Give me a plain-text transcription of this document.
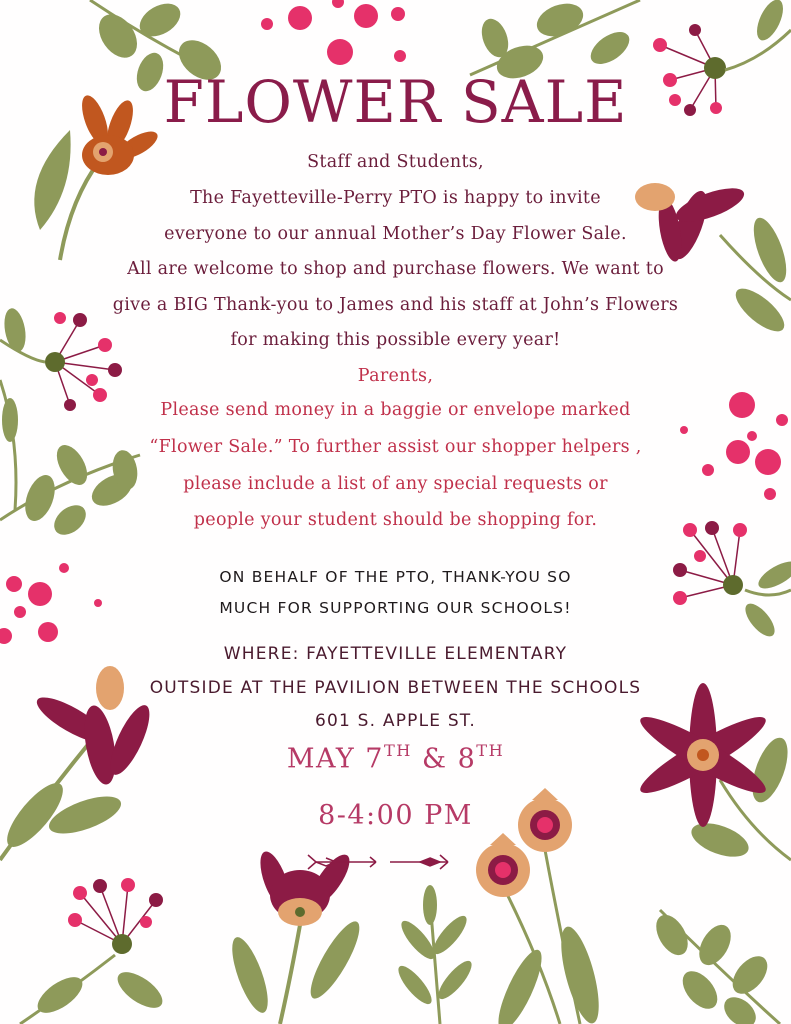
FLOWER SALE
Staff and Students,
The Fayetteville-Perry PTO is happy to invite
everyone to our annual Mother’s Day Flower Sale.
All are welcome to shop and purchase flowers. We want to
give a BIG Thank-you to James and his staff at John’s Flowers
for making this possible every year!
Parents,
Please send money in a baggie or envelope marked
“Flower Sale.” To further assist our shopper helpers ,
please include a list of any special requests or
people your student should be shopping for.
ON BEHALF OF THE PTO, THANK-YOU SO
MUCH FOR SUPPORTING OUR SCHOOLS!
WHERE: FAYETTEVILLE ELEMENTARY
OUTSIDE AT THE PAVILION BETWEEN THE SCHOOLS
601 S. APPLE ST.
MAY 7TH & 8TH
8-4:00 PM
